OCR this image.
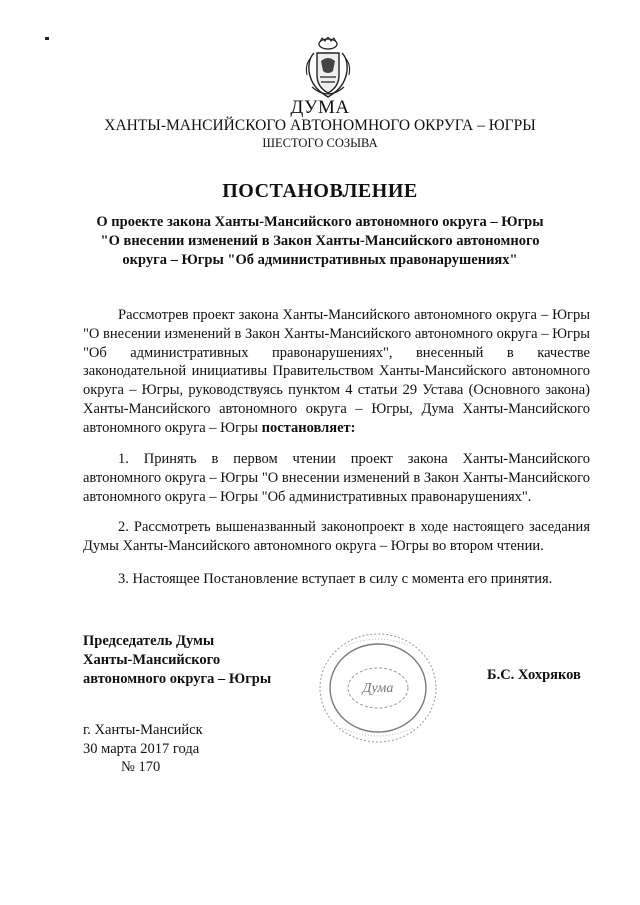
ДУМА
ХАНТЫ-МАНСИЙСКОГО АВТОНОМНОГО ОКРУГА – ЮГРЫ
ШЕСТОГО СОЗЫВА
ПОСТАНОВЛЕНИЕ
О проекте закона Ханты-Мансийского автономного округа – Югры
"О внесении изменений в Закон Ханты-Мансийского автономного
округа – Югры "Об административных правонарушениях"
Рассмотрев проект закона Ханты-Мансийского автономного округа – Югры "О внесении изменений в Закон Ханты-Мансийского автономного округа – Югры "Об административных правонарушениях", внесенный в качестве законодательной инициативы Правительством Ханты-Мансийского автономного округа – Югры, руководствуясь пунктом 4 статьи 29 Устава (Основного закона) Ханты-Мансийского автономного округа – Югры, Дума Ханты-Мансийского автономного округа – Югры постановляет:
1. Принять в первом чтении проект закона Ханты-Мансийского автономного округа – Югры "О внесении изменений в Закон Ханты-Мансийского автономного округа – Югры "Об административных правонарушениях".
2. Рассмотреть вышеназванный законопроект в ходе настоящего заседания Думы Ханты-Мансийского автономного округа – Югры во втором чтении.
3. Настоящее Постановление вступает в силу с момента его принятия.
Председатель Думы
Ханты-Мансийского
автономного округа – Югры
Дума
Б.С. Хохряков
г. Ханты-Мансийск
30 марта 2017 года
№ 170
